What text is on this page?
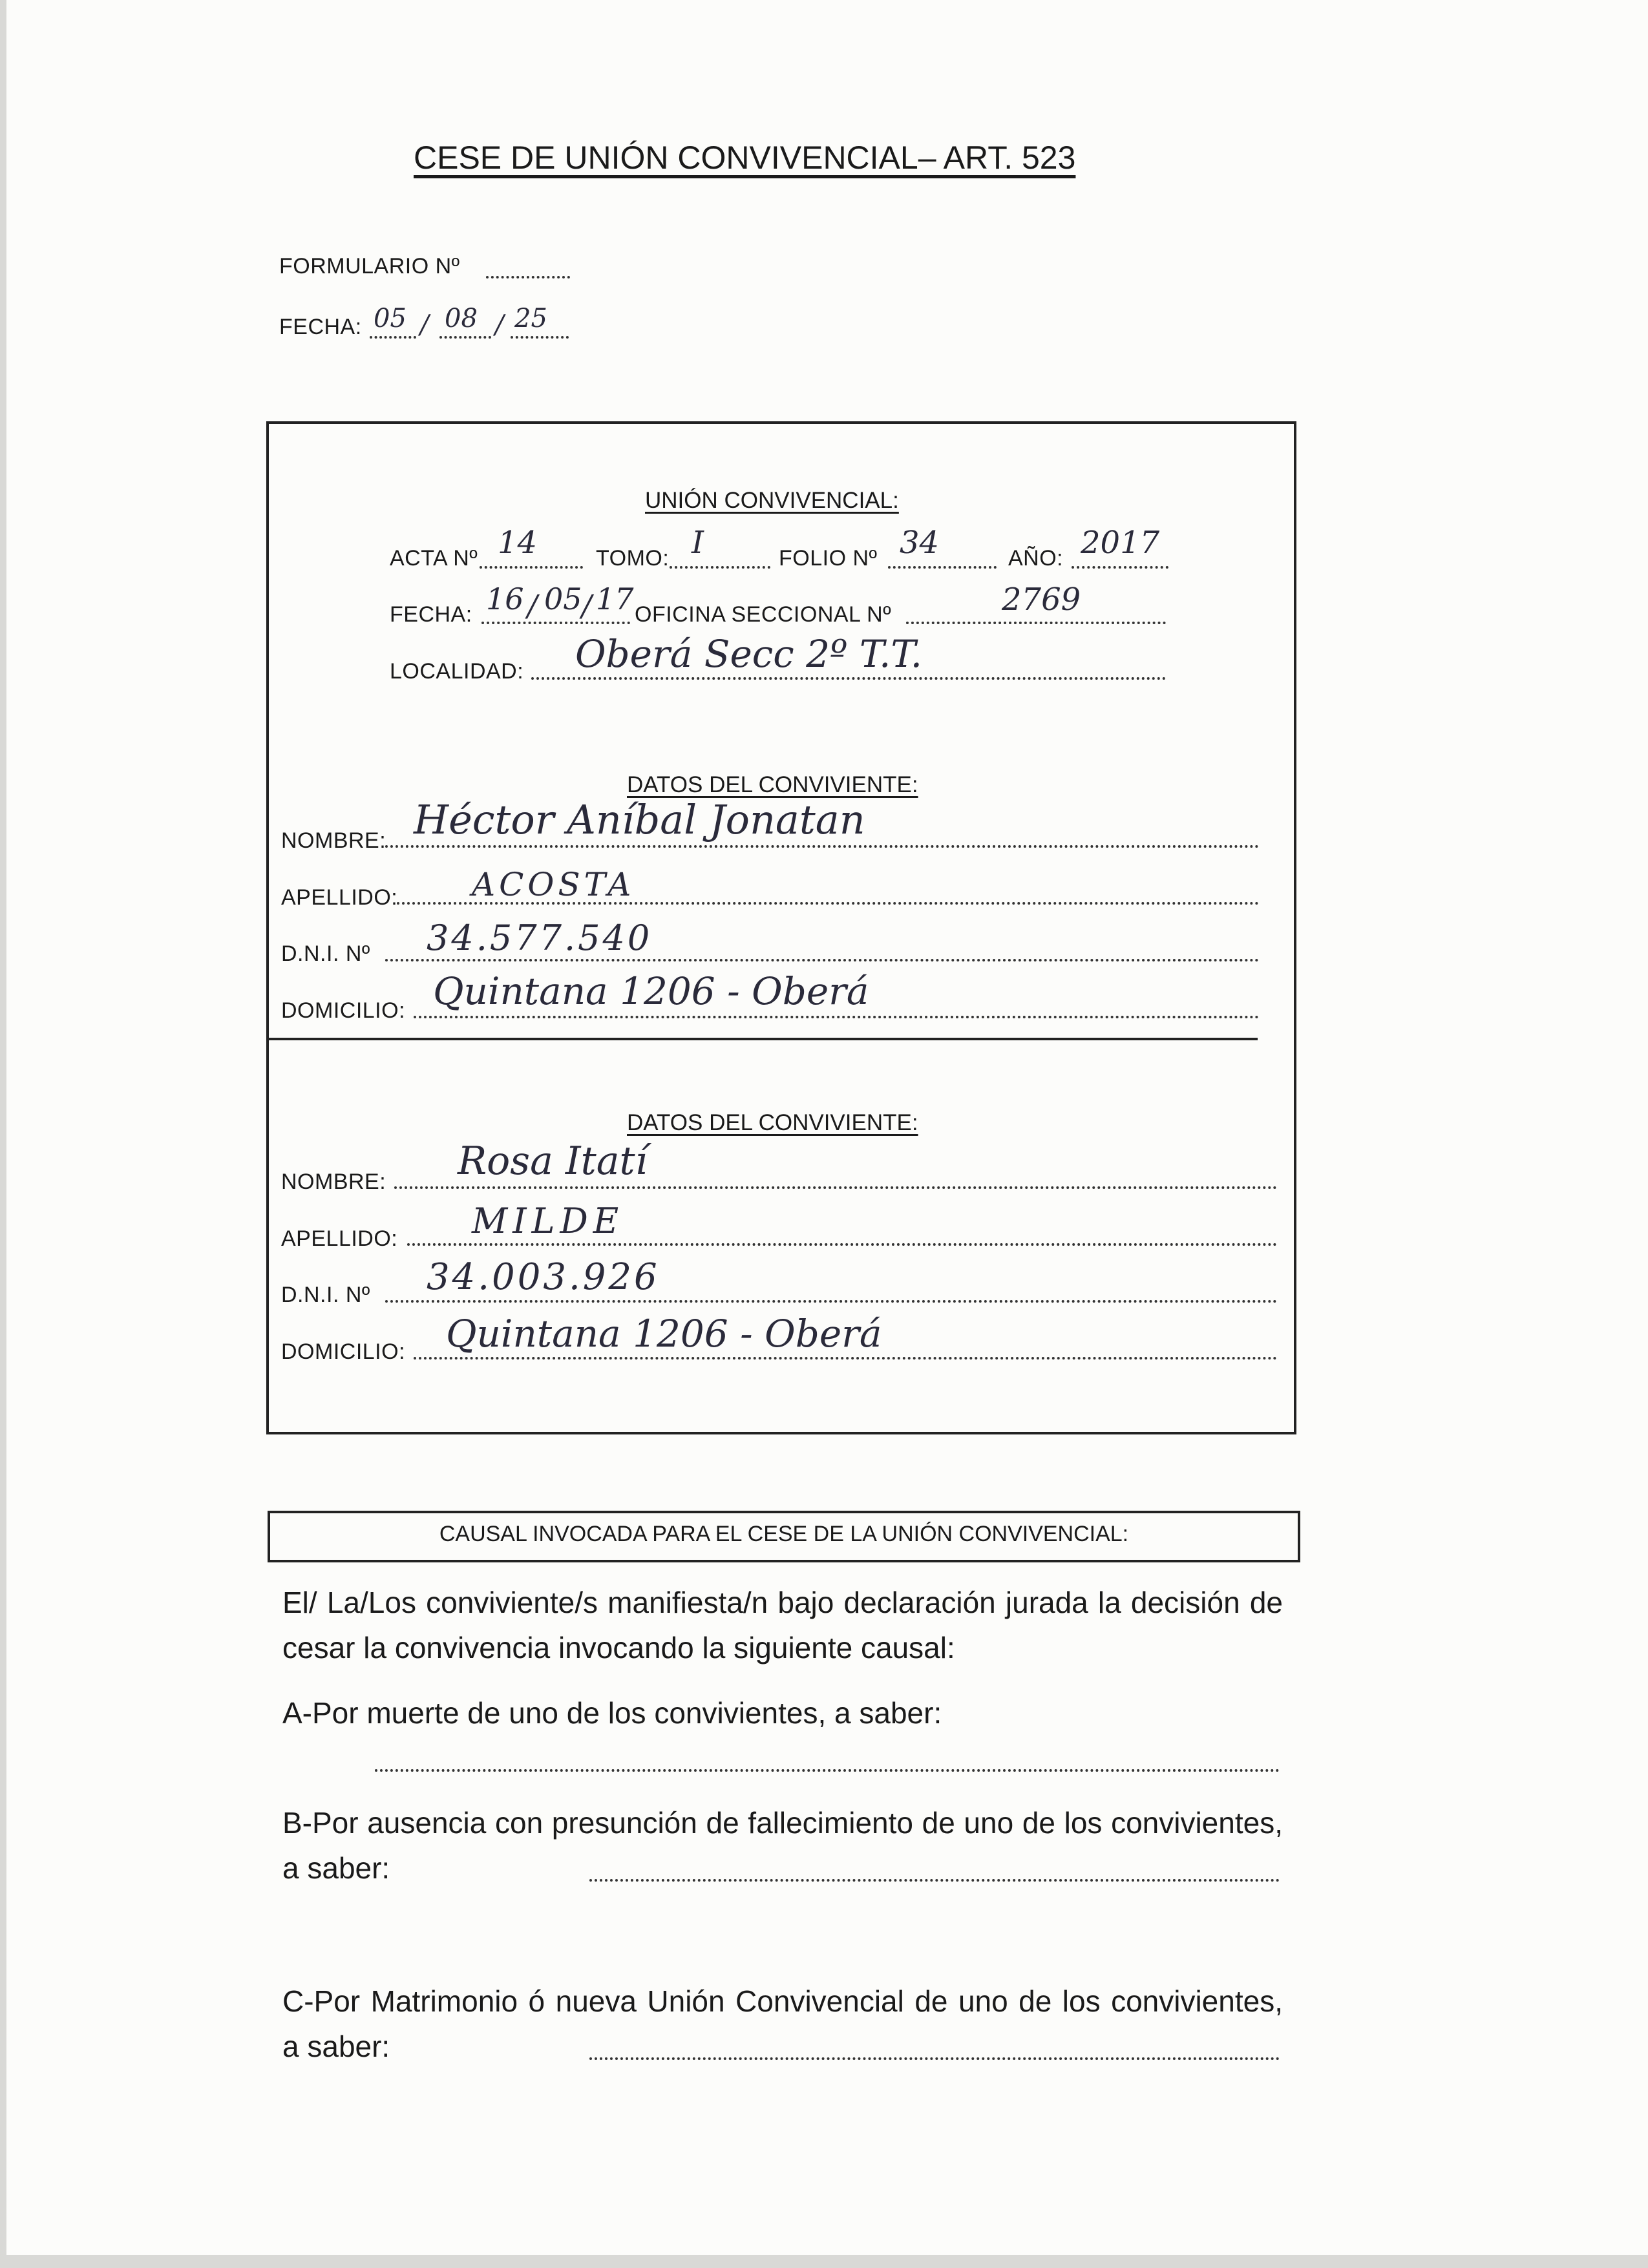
CESE DE UNIÓN CONVIVENCIAL– ART. 523
FORMULARIO Nº
FECHA: 05 / 08 / 25
UNIÓN CONVIVENCIAL:
ACTA Nº 14	TOMO: I	FOLIO Nº 34	AÑO: 2017
FECHA: 16 / 05 / 17 OFICINA SECCIONAL Nº	2769
LOCALIDAD: Oberá Secc 2º T.T.
DATOS DEL CONVIVIENTE:
NOMBRE: Héctor Aníbal Jonatan
APELLIDO: ACOSTA
D.N.I. Nº 34.577.540
DOMICILIO: Quintana 1206 - Oberá
DATOS DEL CONVIVIENTE:
NOMBRE: Rosa Itatí
APELLIDO: MILDE
D.N.I. Nº 34.003.926
DOMICILIO: Quintana 1206 - Oberá
CAUSAL INVOCADA PARA EL CESE DE LA UNIÓN CONVIVENCIAL:
El/ La/Los conviviente/s manifiesta/n bajo declaración jurada la decisión de cesar la convivencia invocando la siguiente causal:
A-Por muerte de uno de los convivientes, a saber:
B-Por ausencia con presunción de fallecimiento de uno de los convivientes, a saber:
C-Por Matrimonio ó nueva Unión Convivencial de uno de los convivientes, a saber:
